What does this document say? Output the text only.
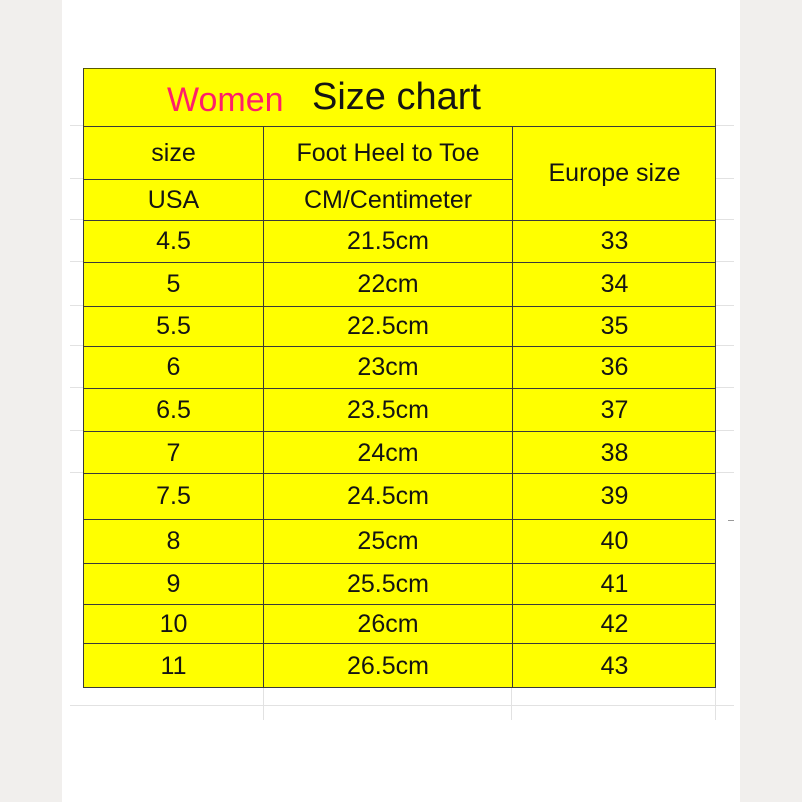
Women Size chart
size	Foot Heel to Toe
Europe size
USA	CM/Centimeter
4.5	21.5cm	33
5	22cm	34
5.5	22.5cm	35
6	23cm	36
6.5	23.5cm	37
7	24cm	38
7.5	24.5cm	39
8	25cm	40
9	25.5cm	41
10	26cm	42
11	26.5cm	43
